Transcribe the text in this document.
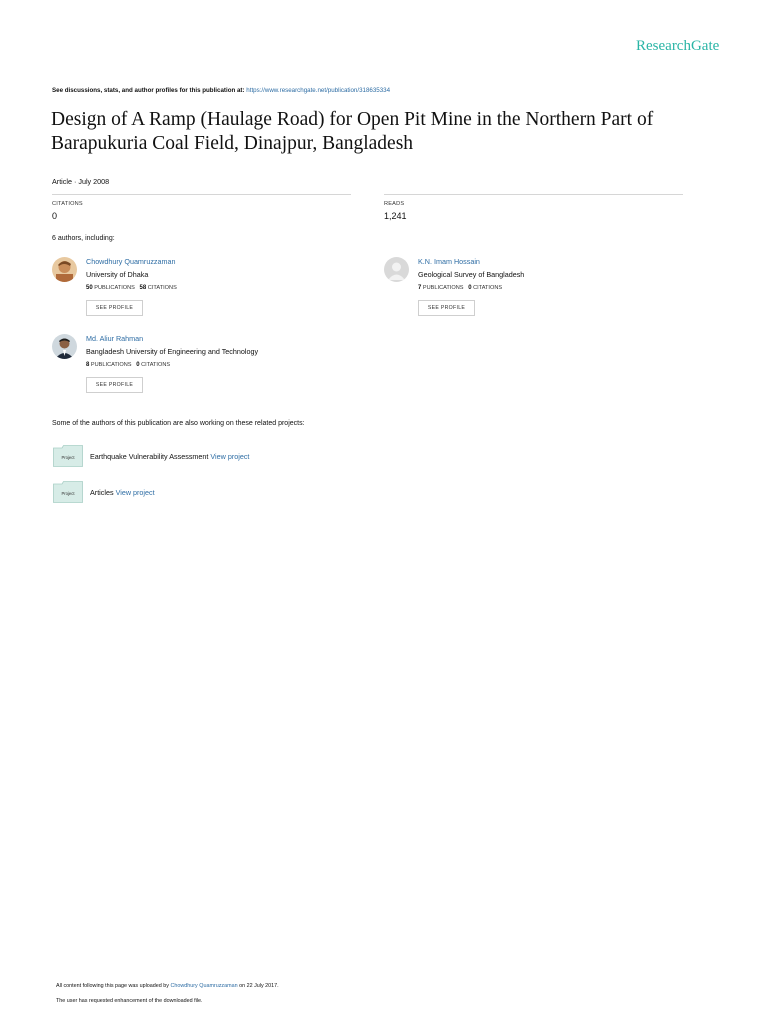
ResearchGate
See discussions, stats, and author profiles for this publication at: https://www.researchgate.net/publication/318635334
Design of A Ramp (Haulage Road) for Open Pit Mine in the Northern Part of
Barapukuria Coal Field, Dinajpur, Bangladesh
Article · July 2008
CITATIONS
0
READS
1,241
6 authors, including:
Chowdhury Quamruzzaman
University of Dhaka
50 PUBLICATIONS 58 CITATIONS
SEE PROFILE
K.N. Imam Hossain
Geological Survey of Bangladesh
7 PUBLICATIONS 0 CITATIONS
SEE PROFILE
Md. Aliur Rahman
Bangladesh University of Engineering and Technology
8 PUBLICATIONS 0 CITATIONS
SEE PROFILE
Some of the authors of this publication are also working on these related projects:
Project	Earthquake Vulnerability Assessment View project
Project	Articles View project
All content following this page was uploaded by Chowdhury Quamruzzaman on 22 July 2017.
The user has requested enhancement of the downloaded file.
